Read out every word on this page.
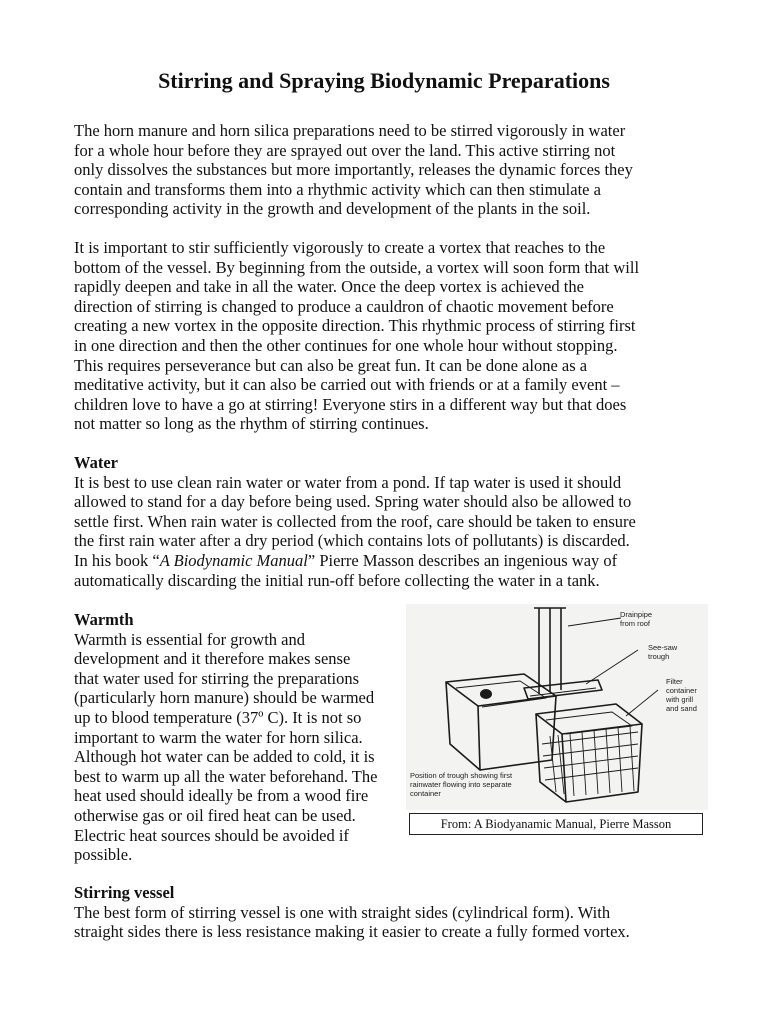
Stirring and Spraying Biodynamic Preparations

The horn manure and horn silica preparations need to be stirred vigorously in water

for a whole hour before they are sprayed out over the land. This active stirring not

only dissolves the substances but more importantly, releases the dynamic forces they

contain and transforms them into a rhythmic activity which can then stimulate a

corresponding activity in the growth and development of the plants in the soil.

It is important to stir sufficiently vigorously to create a vortex that reaches to the

bottom of the vessel. By beginning from the outside, a vortex will soon form that will

rapidly deepen and take in all the water. Once the deep vortex is achieved the

direction of stirring is changed to produce a cauldron of chaotic movement before

creating a new vortex in the opposite direction. This rhythmic process of stirring first

in one direction and then the other continues for one whole hour without stopping.

This requires perseverance but can also be great fun. It can be done alone as a

meditative activity, but it can also be carried out with friends or at a family event –

children love to have a go at stirring! Everyone stirs in a different way but that does

not matter so long as the rhythm of stirring continues.

Water

It is best to use clean rain water or water from a pond. If tap water is used it should

allowed to stand for a day before being used. Spring water should also be allowed to

settle first. When rain water is collected from the roof, care should be taken to ensure

the first rain water after a dry period (which contains lots of pollutants) is discarded.

In his book “A Biodynamic Manual” Pierre Masson describes an ingenious way of

automatically discarding the initial run-off before collecting the water in a tank.

Warmth

Warmth is essential for growth and

development and it therefore makes sense

that water used for stirring the preparations

(particularly horn manure) should be warmed

up to blood temperature (37º C). It is not so

important to warm the water for horn silica.

Although hot water can be added to cold, it is

best to warm up all the water beforehand. The

heat used should ideally be from a wood fire

otherwise gas or oil fired heat can be used.

Electric heat sources should be avoided if

possible.

Drainpipe
from roof
See-saw
trough
Filter
container
with grill
and sand
Position of trough showing first
rainwater flowing into separate
container
From: A Biodyanamic Manual, Pierre Masson

Stirring vessel

The best form of stirring vessel is one with straight sides (cylindrical form). With

straight sides there is less resistance making it easier to create a fully formed vortex.
